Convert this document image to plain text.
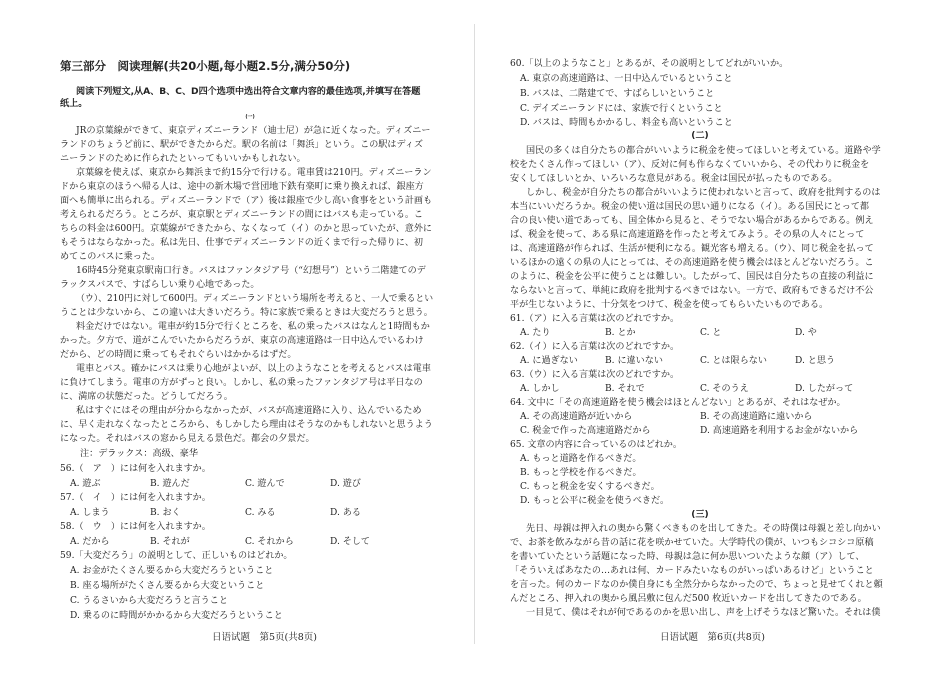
第三部分　阅读理解(共20小题,每小题2.5分,满分50分)
阅读下列短文,从A、B、C、D四个选项中选出符合文章内容的最佳选项,并填写在答题
纸上。
(一)
JRの京葉線ができて、東京ディズニーランド（迪士尼）が急に近くなった。ディズニー
ランドのちょうど前に、駅ができたからだ。駅の名前は「舞浜」という。この駅はディズ
ニーランドのために作られたといってもいいかもしれない。
京葉線を使えば、東京から舞浜まで約15分で行ける。電車賃は210円。ディズニーラン
ドから東京のほうへ帰る人は、途中の新木場で営団地下鉄有楽町に乗り換えれば、銀座方
面へも簡単に出られる。ディズニーランドで（ア）後は銀座で少し高い食事をという計画も
考えられるだろう。ところが、東京駅とディズニーランドの間にはバスも走っている。こ
ちらの料金は600円。京葉線ができたから、なくなって（イ）のかと思っていたが、意外に
もそうはならなかった。私は先日、仕事でディズニーランドの近くまで行った帰りに、初
めてこのバスに乗った。
16時45分発東京駅南口行き。バスはファンタジア号（“幻想号”）という二階建てのデ
ラックスバスで、すばらしい乗り心地であった。
（ウ）、210円に対して600円。ディズニーランドという場所を考えると、一人で乗るとい
うことは少ないから、この違いは大きいだろう。特に家族で乗るときは大変だろうと思う。
料金だけではない。電車が約15分で行くところを、私の乗ったバスはなんと1時間もか
かった。夕方で、道がこんでいたからだろうが、東京の高速道路は一日中込んでいるわけ
だから、どの時間に乗ってもそれぐらいはかかるはずだ。
電車とバス。確かにバスは乗り心地がよいが、以上のようなことを考えるとバスは電車
に負けてしまう。電車の方がずっと良い。しかし、私の乗ったファンタジア号は平日なの
に、満席の状態だった。どうしてだろう。
私はすぐにはその理由が分からなかったが、バスが高速道路に入り、込んでいるため
に、早く走れなくなったところから、もしかしたら理由はそうなのかもしれないと思うよう
になった。それはバスの窓から見える景色だ。都会の夕景だ。
注：デラックス：高级、豪华
56.（　ア　）には何を入れますか。
A. 遊ぶ	B. 遊んだ	C. 遊んで	D. 遊び
57.（　イ　）には何を入れますか。
A. しまう	B. おく	C. みる	D. ある
58.（　ウ　）には何を入れますか。
A. だから	B. それが	C. それから	D. そして
59.「大変だろう」の説明として、正しいものはどれか。
A. お金がたくさん要るから大変だろうということ
B. 座る場所がたくさん要るから大変ということ
C. うるさいから大変だろうと言うこと
D. 乗るのに時間がかかるから大変だろうということ
日语试题　第5页(共8页)
60.「以上のようなこと」とあるが、その説明としてどれがいいか。
A. 東京の高速道路は、一日中込んでいるということ
B. バスは、二階建てで、すばらしいということ
C. デイズニーランドには、家族で行くということ
D. バスは、時間もかかるし、料金も高いということ
(二)
国民の多くは自分たちの都合がいいように税金を使ってほしいと考えている。道路や学
校をたくさん作ってほしい（ア）、反対に何も作らなくていいから、その代わりに税金を
安くしてほしいとか、いろいろな意見がある。税金は国民が払ったものである。
しかし、税金が自分たちの都合がいいように使われないと言って、政府を批判するのは
本当にいいだろうか。税金の使い道は国民の思い通りになる（イ）。ある国民にとって都
合の良い使い道であっても、国全体から見ると、そうでない場合があるからである。例え
ば、税金を使って、ある県に高速道路を作ったと考えてみよう。その県の人々にとって
は、高速道路が作られば、生活が便利になる。観光客も増える。（ウ）、同じ税金を払って
いるほかの遠くの県の人にとっては、その高速道路を使う機会はほとんどないだろう。こ
のように、税金を公平に使うことは難しい。したがって、国民は自分たちの直接の利益に
ならないと言って、単純に政府を批判するべきではない。一方で、政府もできるだけ不公
平が生じないように、十分気をつけて、税金を使ってもらいたいものである。
61.（ア）に入る言葉は次のどれですか。
A. たり	B. とか	C. と	D. や
62.（イ）に入る言葉は次のどれですか。
A. に過ぎない	B. に違いない	C. とは限らない	D. と思う
63.（ウ）に入る言葉は次のどれですか。
A. しかし	B. それで	C. そのうえ	D. したがって
64. 文中に「その高速道路を使う機会はほとんどない」とあるが、それはなぜか。
A. その高速道路が近いから	B. その高速道路に遠いから
C. 税金で作った高速道路だから	D. 高速道路を利用するお金がないから
65. 文章の内容に合っているのはどれか。
A. もっと道路を作るべきだ。
B. もっと学校を作るべきだ。
C. もっと税金を安くするべきだ。
D. もっと公平に税金を使うべきだ。
(三)
先日、母親は押入れの奥から驚くべきものを出してきた。その時僕は母親と差し向かい
で、お茶を飲みながら昔の話に花を咲かせていた。大学時代の僕が、いつもシコシコ原稿
を書いていたという話題になった時、母親は急に何か思いついたような顔（ア）して、
「そういえばあなたの…あれは何、カードみたいなものがいっぱいあるけど」ということ
を言った。何のカードなのか僕自身にも全然分からなかったので、ちょっと見せてくれと頼
んだところ、押入れの奥から風呂敷に包んだ500 枚近いカードを出してきたのである。
一目見て、僕はそれが何であるのかを思い出し、声を上げそうなほど驚いた。それは僕
日语试题　第6页(共8页)
